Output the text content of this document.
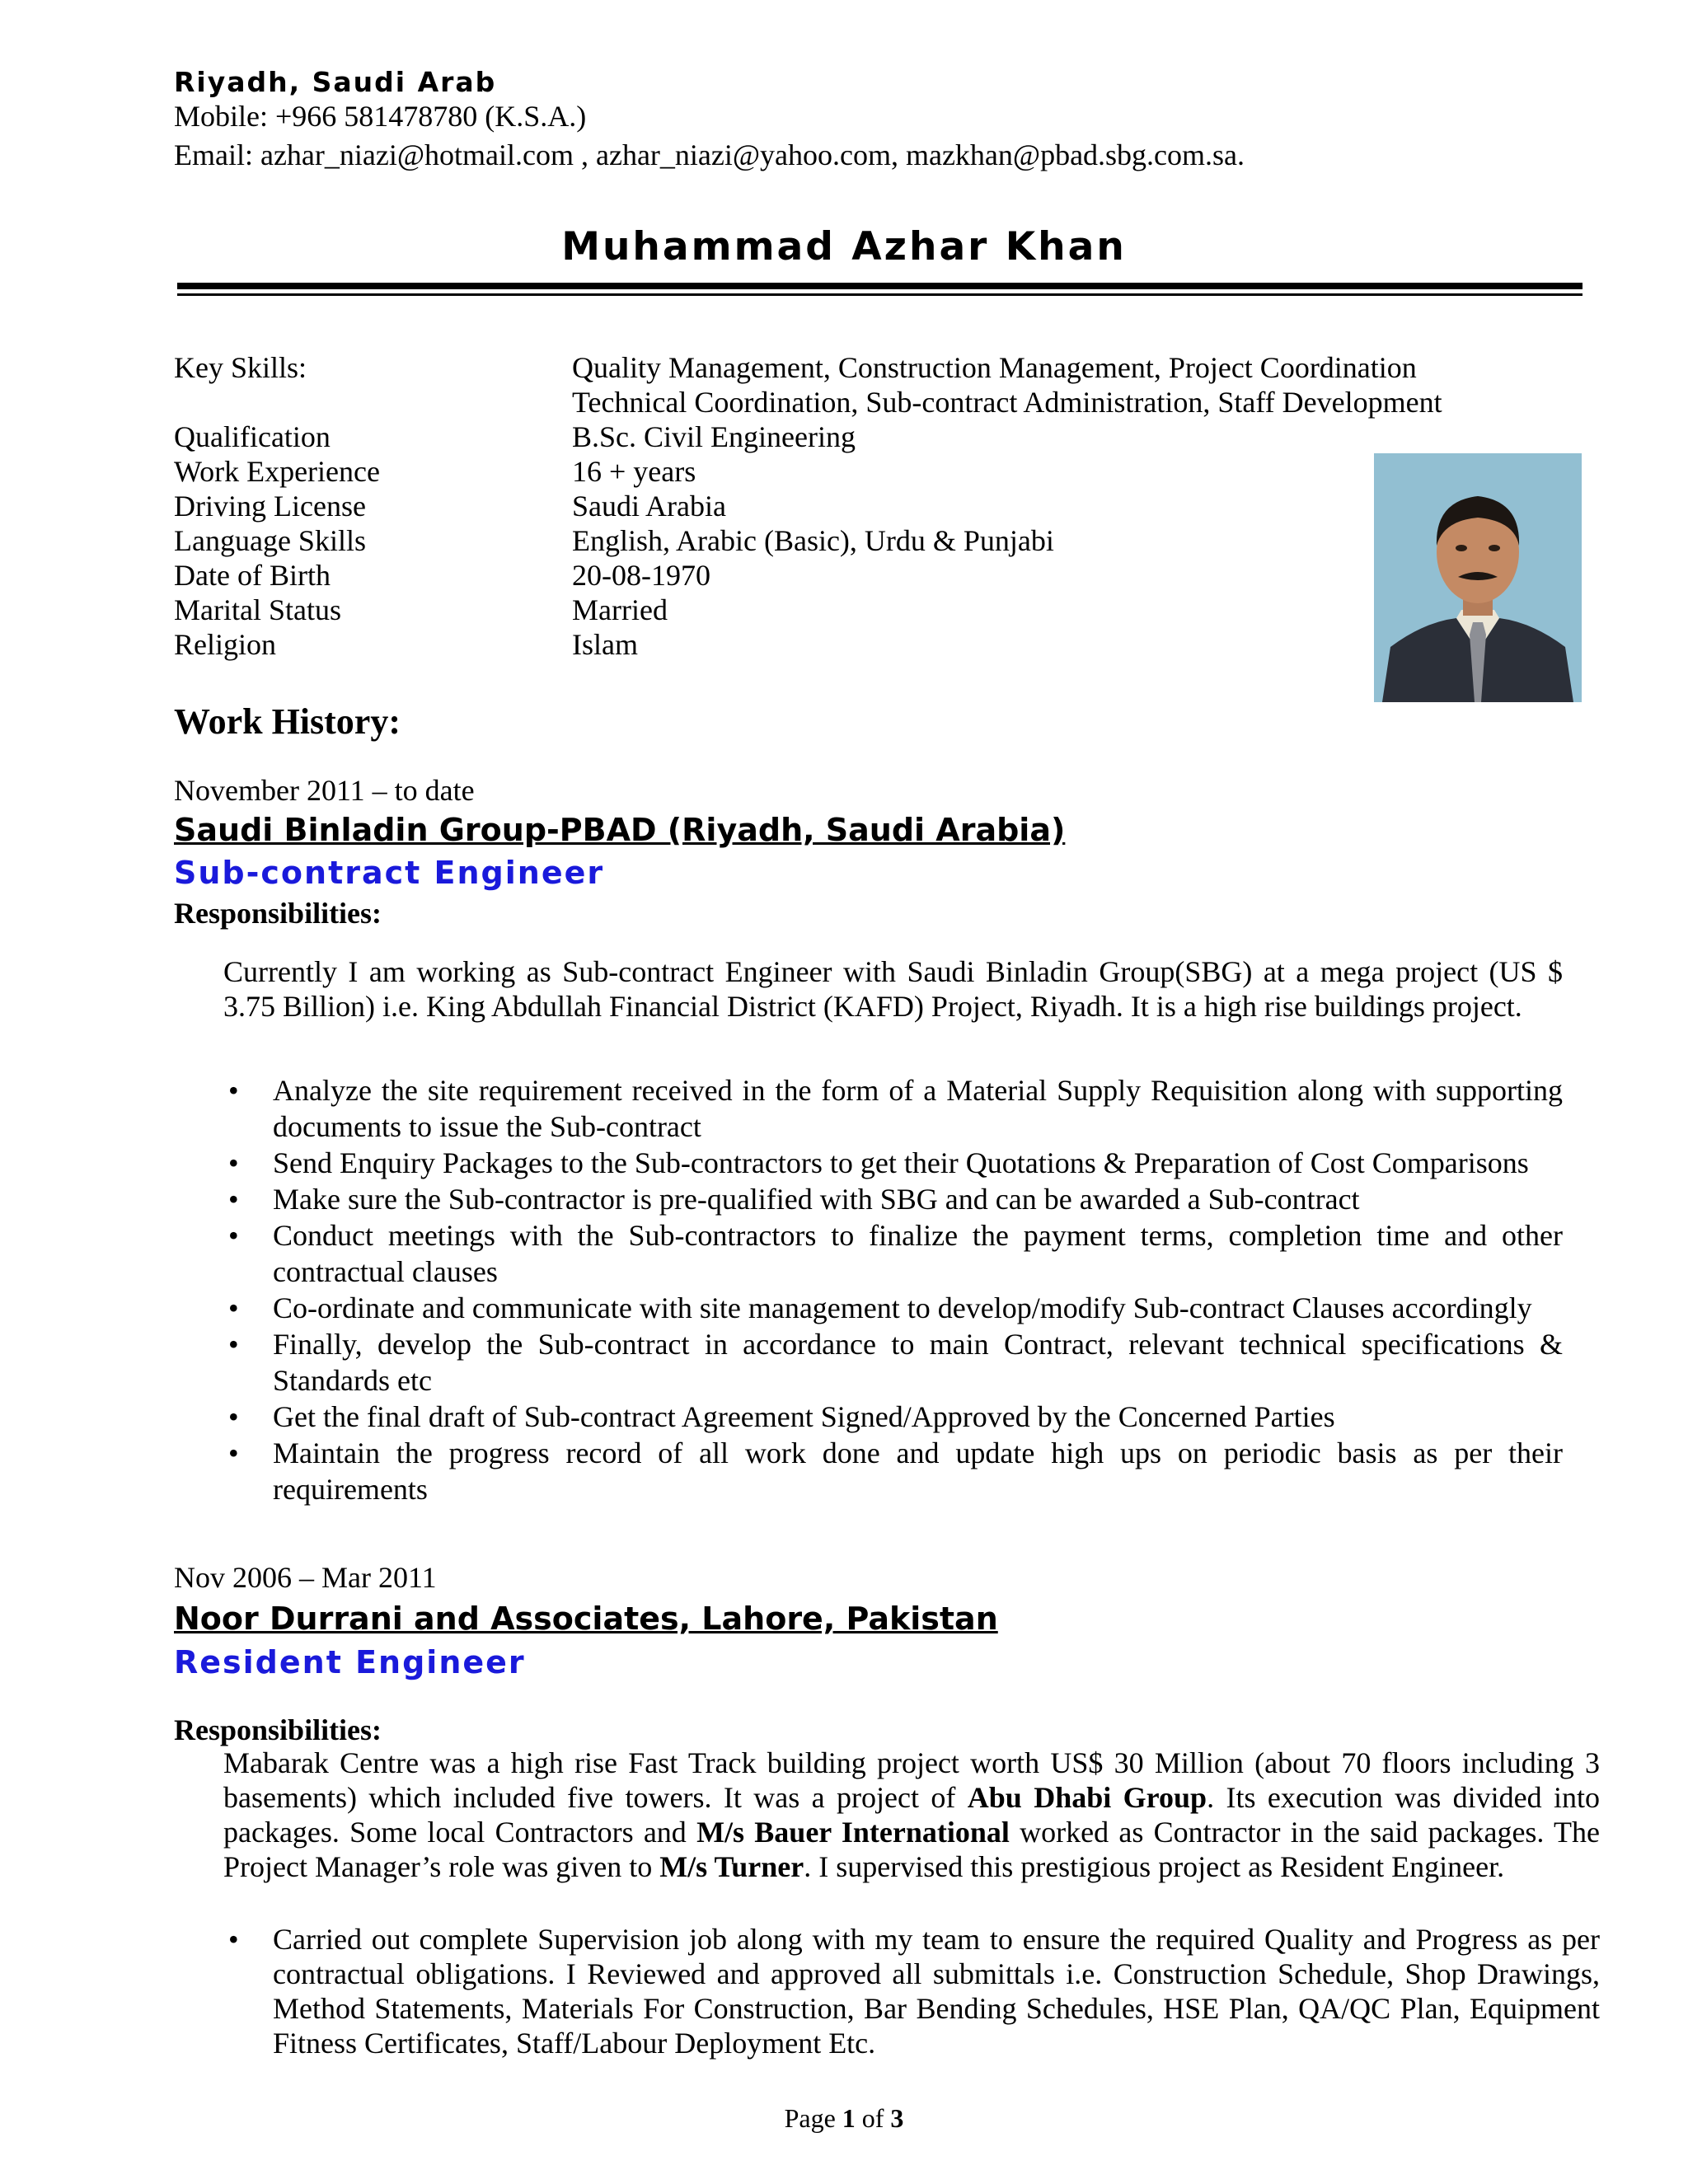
Riyadh, Saudi Arab
Mobile: +966 581478780 (K.S.A.)
Email: azhar_niazi@hotmail.com , azhar_niazi@yahoo.com, mazkhan@pbad.sbg.com.sa.
Muhammad Azhar Khan
Key Skills:	Quality Management, Construction Management, Project Coordination
Technical Coordination, Sub-contract Administration, Staff Development
Qualification	B.Sc. Civil Engineering
Work Experience	16 + years
Driving License	Saudi Arabia
Language Skills	English, Arabic (Basic), Urdu & Punjabi
Date of Birth	20-08-1970
Marital Status	Married
Religion	Islam
Work History:
November 2011 – to date
Saudi Binladin Group-PBAD (Riyadh, Saudi Arabia)
Sub-contract Engineer
Responsibilities:
Currently I am working as Sub-contract Engineer with Saudi Binladin Group(SBG) at a mega project (US $ 3.75 Billion) i.e. King Abdullah Financial District (KAFD) Project, Riyadh. It is a high rise buildings project.
• Analyze the site requirement received in the form of a Material Supply Requisition along with supporting documents to issue the Sub-contract
• Send Enquiry Packages to the Sub-contractors to get their Quotations & Preparation of Cost Comparisons
• Make sure the Sub-contractor is pre-qualified with SBG and can be awarded a Sub-contract
• Conduct meetings with the Sub-contractors to finalize the payment terms, completion time and other contractual clauses
• Co-ordinate and communicate with site management to develop/modify Sub-contract Clauses accordingly
• Finally, develop the Sub-contract in accordance to main Contract, relevant technical specifications & Standards etc
• Get the final draft of Sub-contract Agreement Signed/Approved by the Concerned Parties
• Maintain the progress record of all work done and update high ups on periodic basis as per their requirements
Nov 2006 – Mar 2011
Noor Durrani and Associates, Lahore, Pakistan
Resident Engineer
Responsibilities:
Mabarak Centre was a high rise Fast Track building project worth US$ 30 Million (about 70 floors including 3 basements) which included five towers. It was a project of Abu Dhabi Group. Its execution was divided into packages. Some local Contractors and M/s Bauer International worked as Contractor in the said packages. The Project Manager’s role was given to M/s Turner. I supervised this prestigious project as Resident Engineer.
• Carried out complete Supervision job along with my team to ensure the required Quality and Progress as per contractual obligations. I Reviewed and approved all submittals i.e. Construction Schedule, Shop Drawings, Method Statements, Materials For Construction, Bar Bending Schedules, HSE Plan, QA/QC Plan, Equipment Fitness Certificates, Staff/Labour Deployment Etc.
Page 1 of 3
